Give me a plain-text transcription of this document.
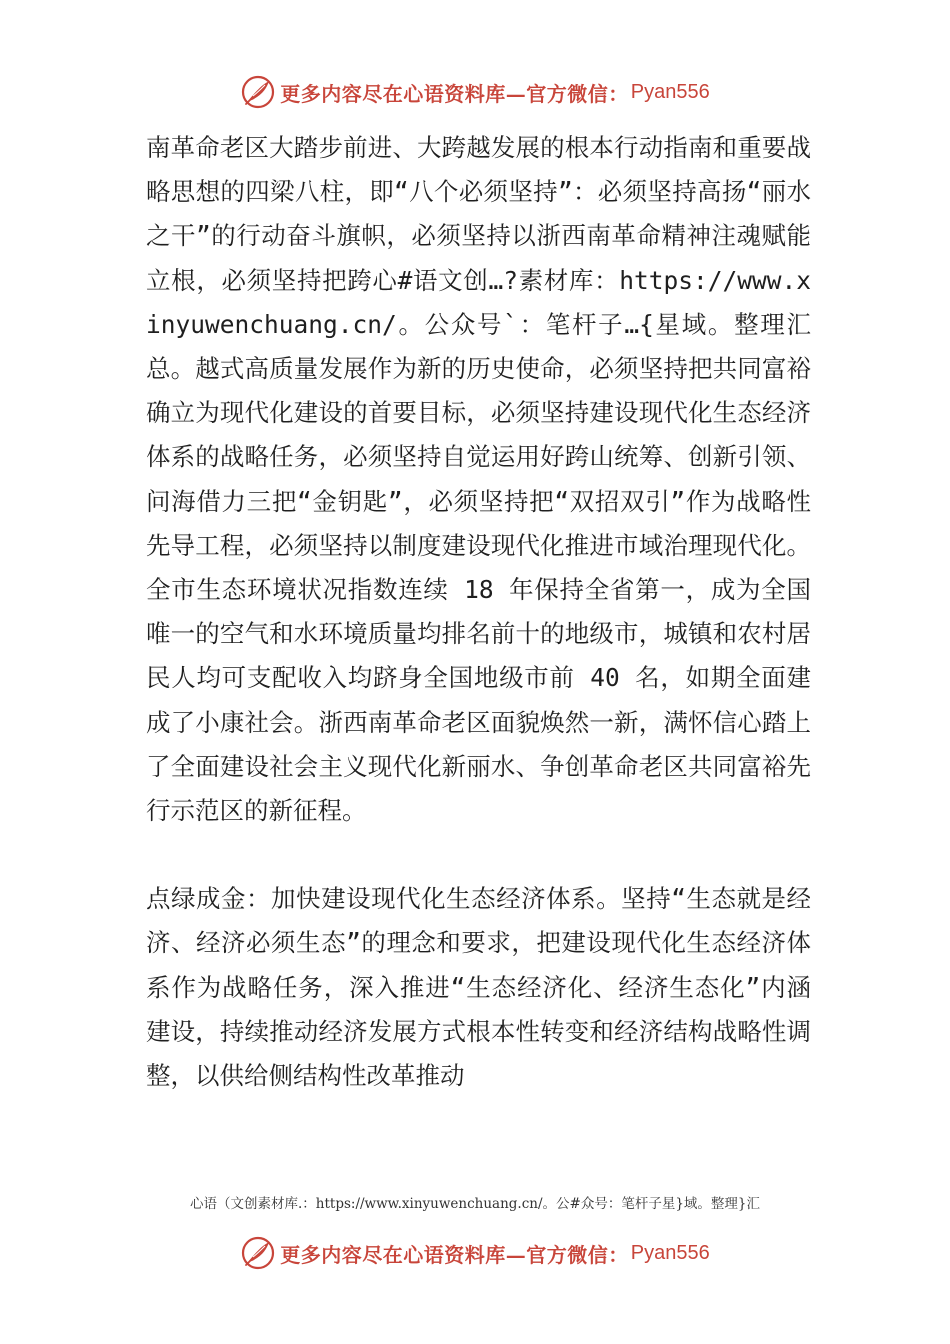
更多内容尽在心语资料库—官方微信： Pyan556

南革命老区大踏步前进、大跨越发展的根本行动指南和重要战略思想的四梁八柱，即“八个必须坚持”：必须坚持高扬“丽水之干”的行动奋斗旗帜，必须坚持以浙西南革命精神注魂赋能立根，必须坚持把跨心#语文创…?素材库：https://www.xinyuwenchuang.cn/。公众号`：笔杆子…{星域。整理汇总。越式高质量发展作为新的历史使命，必须坚持把共同富裕确立为现代化建设的首要目标，必须坚持建设现代化生态经济体系的战略任务，必须坚持自觉运用好跨山统筹、创新引领、问海借力三把“金钥匙”，必须坚持把“双招双引”作为战略性先导工程，必须坚持以制度建设现代化推进市域治理现代化。全市生态环境状况指数连续 18 年保持全省第一，成为全国唯一的空气和水环境质量均排名前十的地级市，城镇和农村居民人均可支配收入均跻身全国地级市前 40 名，如期全面建成了小康社会。浙西南革命老区面貌焕然一新，满怀信心踏上了全面建设社会主义现代化新丽水、争创革命老区共同富裕先行示范区的新征程。

点绿成金：加快建设现代化生态经济体系。坚持“生态就是经济、经济必须生态”的理念和要求，把建设现代化生态经济体系作为战略任务，深入推进“生态经济化、经济生态化”内涵建设，持续推动经济发展方式根本性转变和经济结构战略性调整，以供给侧结构性改革推动

心语（文创素材库.：https://www.xinyuwenchuang.cn/。公#众号：笔杆子星}域。整理}汇
更多内容尽在心语资料库—官方微信： Pyan556
